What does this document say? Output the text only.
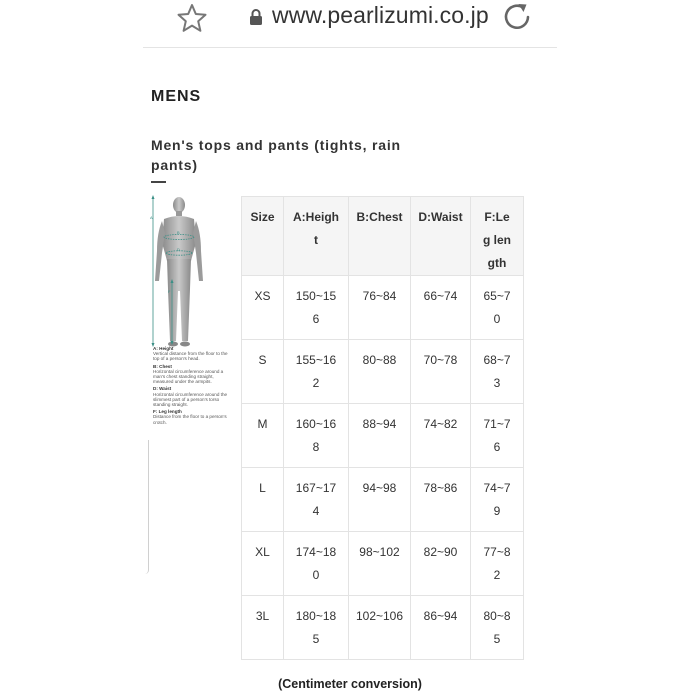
www.pearlizumi.co.jp
MENS
Men's tops and pants (tights, rain pants)
A
B
D
F
A: Height
Vertical distance from the floor to the top of a person's head.
B: Chest
Horizontal circumference around a man's chest standing straight, measured under the armpits.
D: Waist
Horizontal circumference around the slimmest part of a person's torso standing straight.
F: Leg length
Distance from the floor to a person's crotch.
Size	A:Height	B:Chest	D:Waist	F:Leg length
XS	150~156	76~84	66~74	65~70
S	155~162	80~88	70~78	68~73
M	160~168	88~94	74~82	71~76
L	167~174	94~98	78~86	74~79
XL	174~180	98~102	82~90	77~82
3L	180~185	102~106	86~94	80~85
(Centimeter conversion)
